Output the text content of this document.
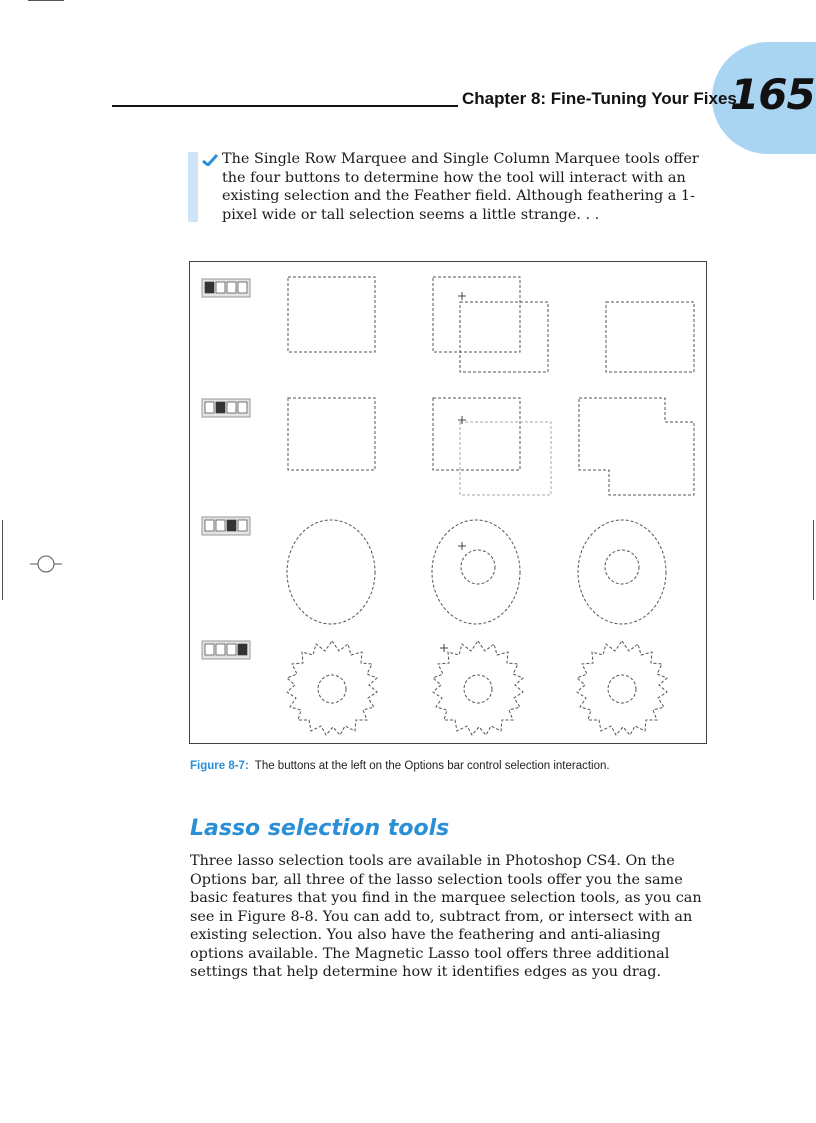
165
Chapter 8: Fine-Tuning Your Fixes
The Single Row Marquee and Single Column Marquee tools offer the four buttons to determine how the tool will interact with an existing selection and the Feather field. Although feathering a 1-pixel wide or tall selection seems a little strange. . .
Figure 8-7: The buttons at the left on the Options bar control selection interaction.
Lasso selection tools
Three lasso selection tools are available in Photoshop CS4. On the Options bar, all three of the lasso selection tools offer you the same basic features that you find in the marquee selection tools, as you can see in Figure 8-8. You can add to, subtract from, or intersect with an existing selection. You also have the feathering and anti-aliasing options available. The Magnetic Lasso tool offers three additional settings that help determine how it identifies edges as you drag.
